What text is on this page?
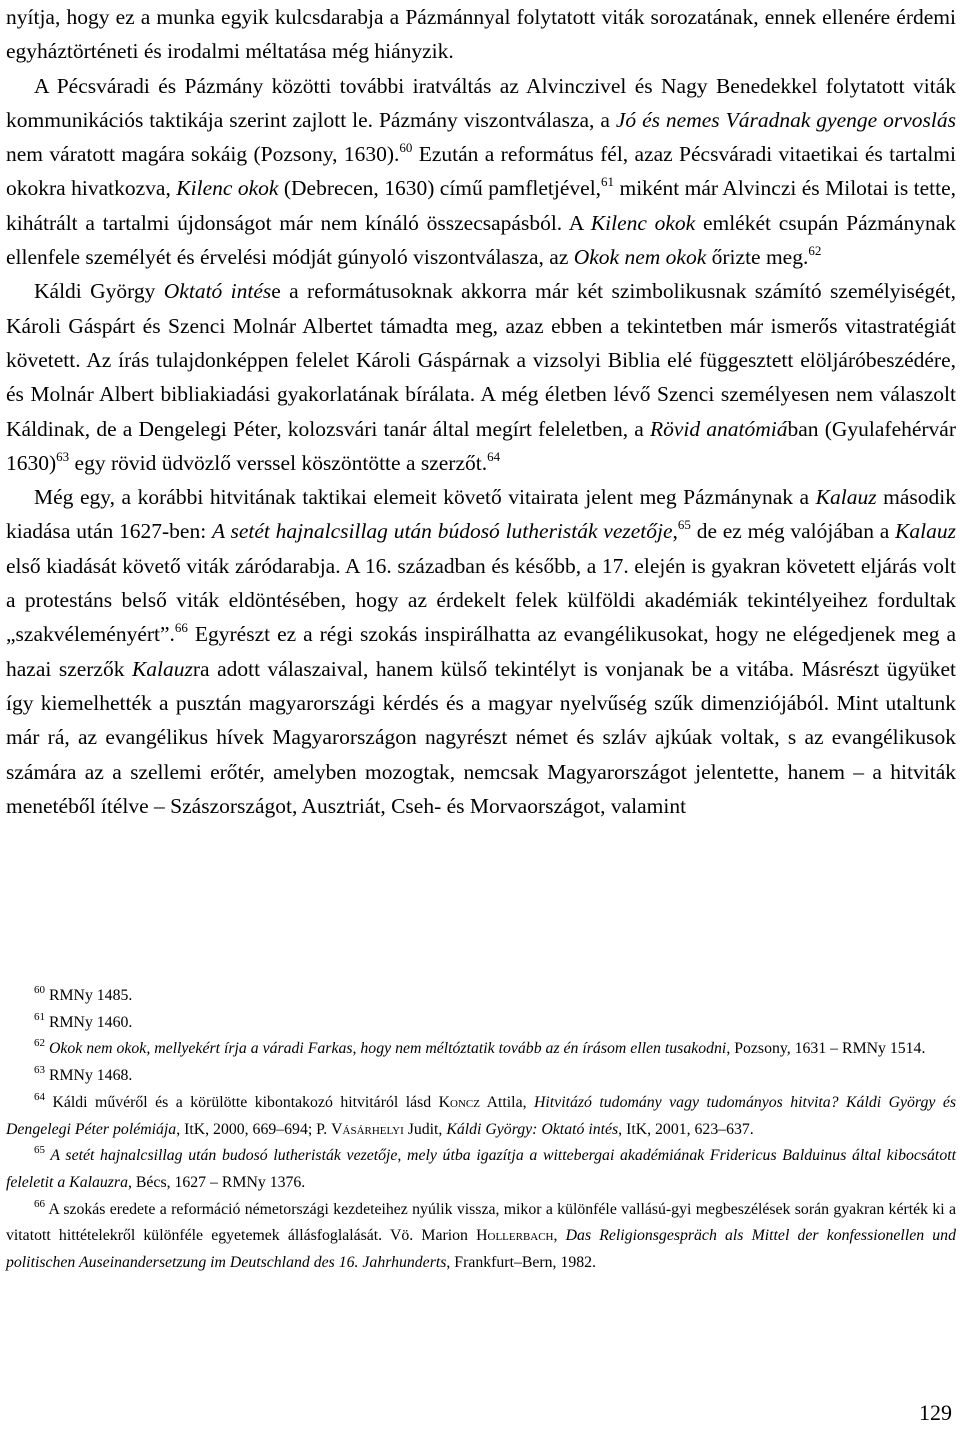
nyítja, hogy ez a munka egyik kulcsdarabja a Pázmánnyal folytatott viták sorozatának, ennek ellenére érdemi egyháztörténeti és irodalmi méltatása még hiányzik.

A Pécsváradi és Pázmány közötti további iratváltás az Alvinczivel és Nagy Benedekkel folytatott viták kommunikációs taktikája szerint zajlott le. Pázmány viszontválasza, a Jó és nemes Váradnak gyenge orvoslás nem váratott magára sokáig (Pozsony, 1630).$^{60}$ Ezután a református fél, azaz Pécsváradi vitaetikai és tartalmi okokra hivatkozva, Kilenc okok (Debrecen, 1630) című pamfletjével,$^{61}$ miként már Alvinczi és Milotai is tette, kihátrált a tartalmi újdonságot már nem kínáló összecsapásból. A Kilenc okok emlékét csupán Pázmánynak ellenfele személyét és érvelési módját gúnyoló viszontválasza, az Okok nem okok őrizte meg.$^{62}$

Káldi György Oktató intése a reformátusoknak akkorra már két szimbolikusnak számító személyiségét, Károli Gáspárt és Szenci Molnár Albertet támadta meg, azaz ebben a tekintetben már ismerős vitastratégiát követett. Az írás tulajdonképpen felelet Károli Gáspárnak a vizsolyi Biblia elé függesztett elöljáróbeszédére, és Molnár Albert bibliakiadási gyakorlatának bírálata. A még életben lévő Szenci személyesen nem válaszolt Káldinak, de a Dengelegi Péter, kolozsvári tanár által megírt feleletben, a Rövid anatómiában (Gyulafehérvár 1630)$^{63}$ egy rövid üdvözlő verssel köszöntötte a szerzőt.$^{64}$

Még egy, a korábbi hitvitának taktikai elemeit követő vitairata jelent meg Pázmánynak a Kalauz második kiadása után 1627-ben: A setét hajnalcsillag után búdosó lutheristák vezetője,$^{65}$ de ez még valójában a Kalauz első kiadását követő viták záródarabja. A 16. században és később, a 17. elején is gyakran követett eljárás volt a protestáns belső viták eldöntésében, hogy az érdekelt felek külföldi akadémiák tekintélyeihez fordultak „szakvéleményért”.$^{66}$ Egyrészt ez a régi szokás inspirálhatta az evangélikusokat, hogy ne elégedjenek meg a hazai szerzők Kalauzra adott válaszaival, hanem külső tekintélyt is vonjanak be a vitába. Másrészt ügyüket így kiemelhették a pusztán magyarországi kérdés és a magyar nyelvűség szűk dimenziójából. Mint utaltunk már rá, az evangélikus hívek Magyarországon nagyrészt német és szláv ajkúak voltak, s az evangélikusok számára az a szellemi erőtér, amelyben mozogtak, nemcsak Magyarországot jelentette, hanem – a hitviták menetéből ítélve – Szászországot, Ausztriát, Cseh- és Morvaországot, valamint

$^{60}$ RMNy 1485.

$^{61}$ RMNy 1460.

$^{62}$ Okok nem okok, mellyekért írja a váradi Farkas, hogy nem méltóztatik tovább az én írásom ellen tusakodni, Pozsony, 1631 – RMNy 1514.

$^{63}$ RMNy 1468.

$^{64}$ Káldi művéről és a körülötte kibontakozó hitvitáról lásd Koncz Attila, Hitvitázó tudomány vagy tudományos hitvita? Káldi György és Dengelegi Péter polémiája, ItK, 2000, 669–694; P. Vásárhelyi Judit, Káldi György: Oktató intés, ItK, 2001, 623–637.

$^{65}$ A setét hajnalcsillag után budosó lutheristák vezetője, mely útba igazítja a wittebergai akadémiának Fridericus Balduinus által kibocsátott feleletit a Kalauzra, Bécs, 1627 – RMNy 1376.

$^{66}$ A szokás eredete a reformáció németországi kezdeteihez nyúlik vissza, mikor a különféle vallású-gyi megbeszélések során gyakran kérték ki a vitatott hittételekről különféle egyetemek állásfoglalását. Vö. Marion Hollerbach, Das Religionsgespräch als Mittel der konfessionellen und politischen Auseinandersetzung im Deutschland des 16. Jahrhunderts, Frankfurt–Bern, 1982.

129
